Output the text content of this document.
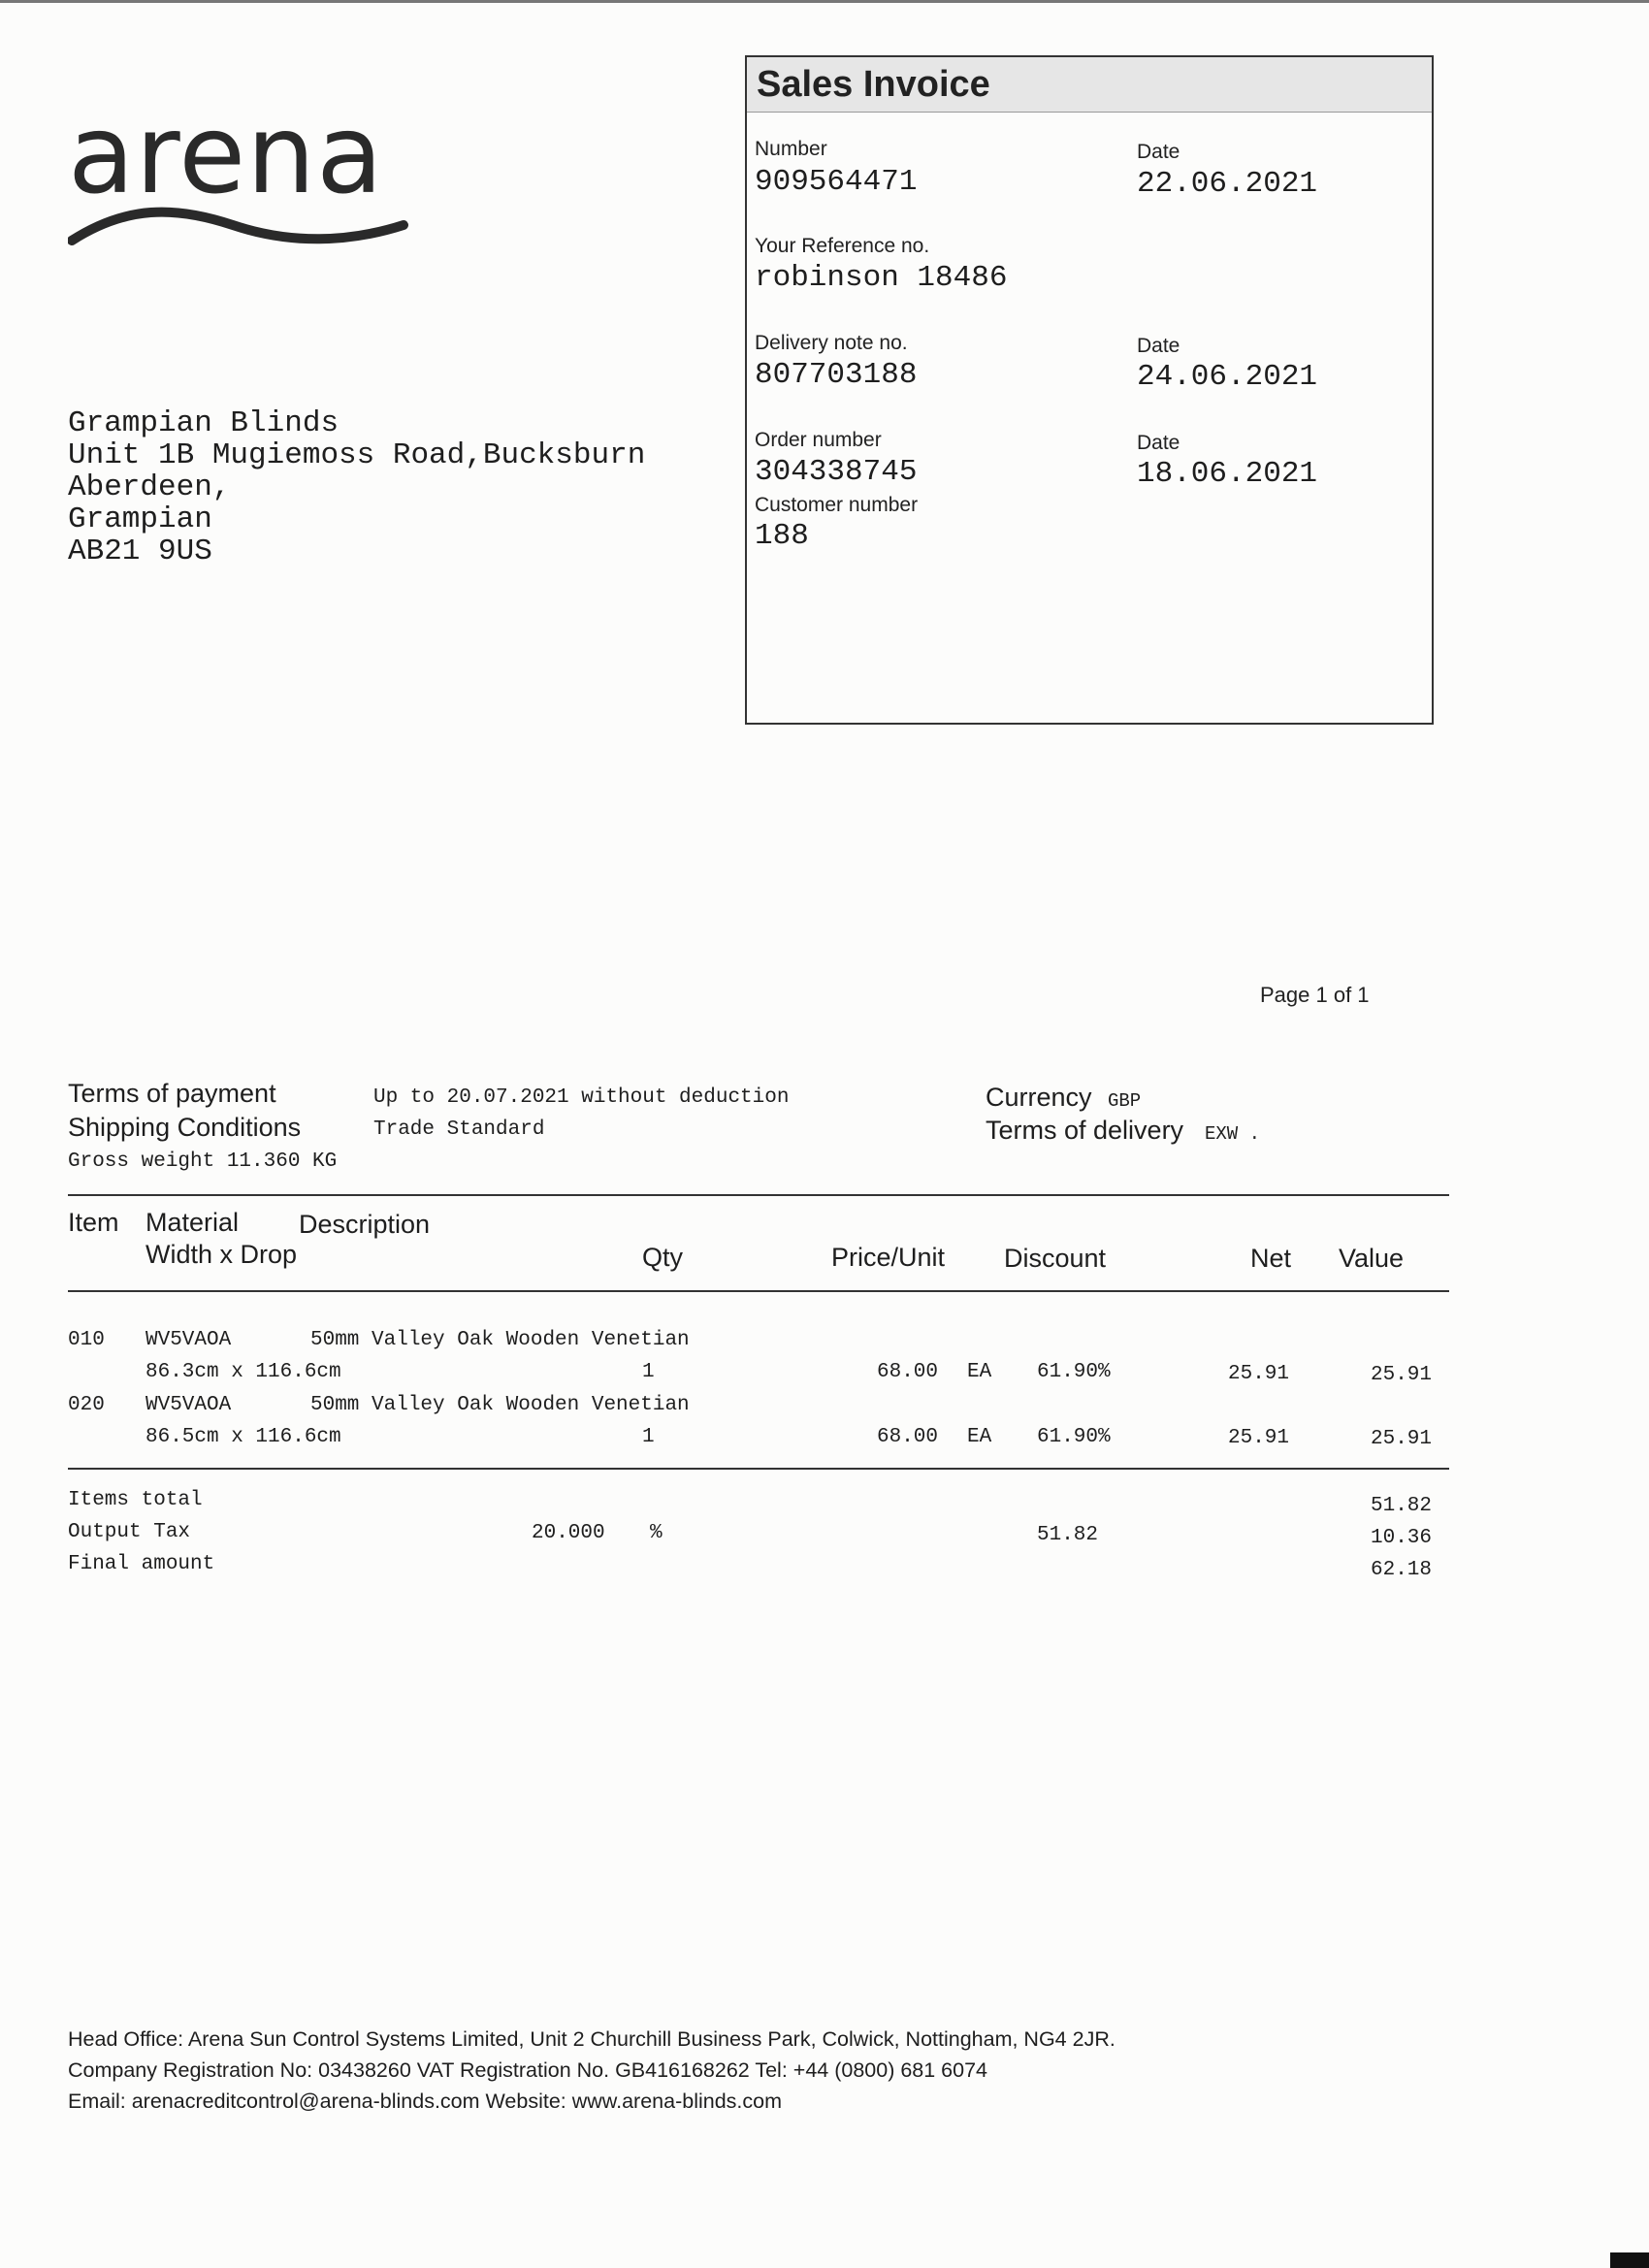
arena
Grampian Blinds
Unit 1B Mugiemoss Road,Bucksburn
Aberdeen,
Grampian
AB21 9US
Sales Invoice
Number
909564471
Date
22.06.2021
Your Reference no.
robinson 18486
Delivery note no.
807703188
Date
24.06.2021
Order number
304338745
Date
18.06.2021
Customer number
188
Page 1 of 1
Terms of payment	Up to 20.07.2021 without deduction
Shipping Conditions	Trade Standard
Gross weight 11.360 KG
Currency GBP
Terms of delivery EXW .
Item Material Description
Width x Drop	Qty	Price/Unit Discount	Net Value
010 WV5VAOA	50mm Valley Oak Wooden Venetian
86.3cm x 116.6cm	1	68.00 EA 61.90%	25.91	25.91
020 WV5VAOA	50mm Valley Oak Wooden Venetian
86.5cm x 116.6cm	1	68.00 EA 61.90%	25.91	25.91
Items total	51.82
Output Tax	20.000 %	51.82	10.36
Final amount	62.18
Head Office: Arena Sun Control Systems Limited, Unit 2 Churchill Business Park, Colwick, Nottingham, NG4 2JR.
Company Registration No: 03438260 VAT Registration No. GB416168262 Tel: +44 (0800) 681 6074
Email: arenacreditcontrol@arena-blinds.com Website: www.arena-blinds.com
